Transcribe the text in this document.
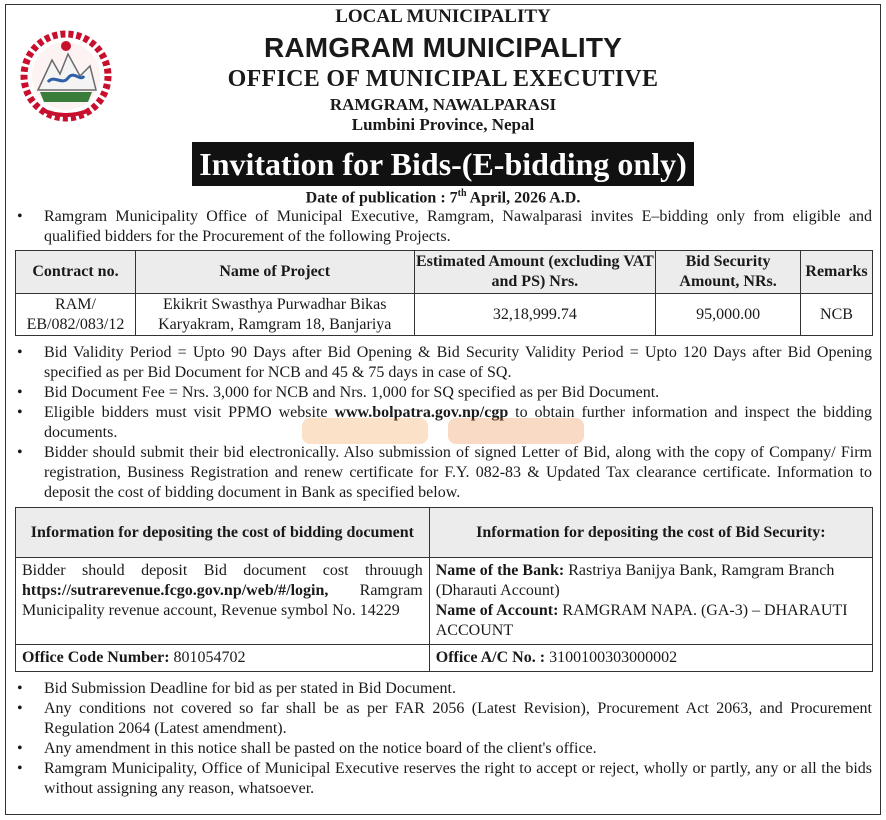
LOCAL MUNICIPALITY
RAMGRAM MUNICIPALITY
OFFICE OF MUNICIPAL EXECUTIVE
RAMGRAM, NAWALPARASI
Lumbini Province, Nepal
Invitation for Bids-(E-bidding only)
Date of publication : 7th April, 2026 A.D.
•	Ramgram Municipality Office of Municipal Executive, Ramgram, Nawalparasi invites E–bidding only from eligible and qualified bidders for the Procurement of the following Projects.
Contract no.	Name of Project	Estimated Amount (excluding VAT and PS) Nrs.	Bid Security Amount, NRs.	Remarks
RAM/ EB/082/083/12	Ekikrit Swasthya Purwadhar Bikas Karyakram, Ramgram 18, Banjariya	32,18,999.74	95,000.00	NCB
•	Bid Validity Period = Upto 90 Days after Bid Opening & Bid Security Validity Period = Upto 120 Days after Bid Opening specified as per Bid Document for NCB and 45 & 75 days in case of SQ.
•	Bid Document Fee = Nrs. 3,000 for NCB and Nrs. 1,000 for SQ specified as per Bid Document.
•	Eligible bidders must visit PPMO website www.bolpatra.gov.np/cgp to obtain further information and inspect the bidding documents.
•	Bidder should submit their bid electronically. Also submission of signed Letter of Bid, along with the copy of Company/ Firm registration, Business Registration and renew certificate for F.Y. 082-83 & Updated Tax clearance certificate. Information to deposit the cost of bidding document in Bank as specified below.
Information for depositing the cost of bidding document	Information for depositing the cost of Bid Security:
Bidder should deposit Bid document cost throuugh https://sutrarevenue.fcgo.gov.np/web/#/login, Ramgram Municipality revenue account, Revenue symbol No. 14229	Name of the Bank: Rastriya Banijya Bank, Ramgram Branch (Dharauti Account)
Name of Account: RAMGRAM NAPA. (GA-3) – DHARAUTI ACCOUNT

Office Code Number: 801054702	Office A/C No. : 3100100303000002
•	Bid Submission Deadline for bid as per stated in Bid Document.
•	Any conditions not covered so far shall be as per FAR 2056 (Latest Revision), Procurement Act 2063, and Procurement Regulation 2064 (Latest amendment).
•	Any amendment in this notice shall be pasted on the notice board of the client's office.
•	Ramgram Municipality, Office of Municipal Executive reserves the right to accept or reject, wholly or partly, any or all the bids without assigning any reason, whatsoever.
